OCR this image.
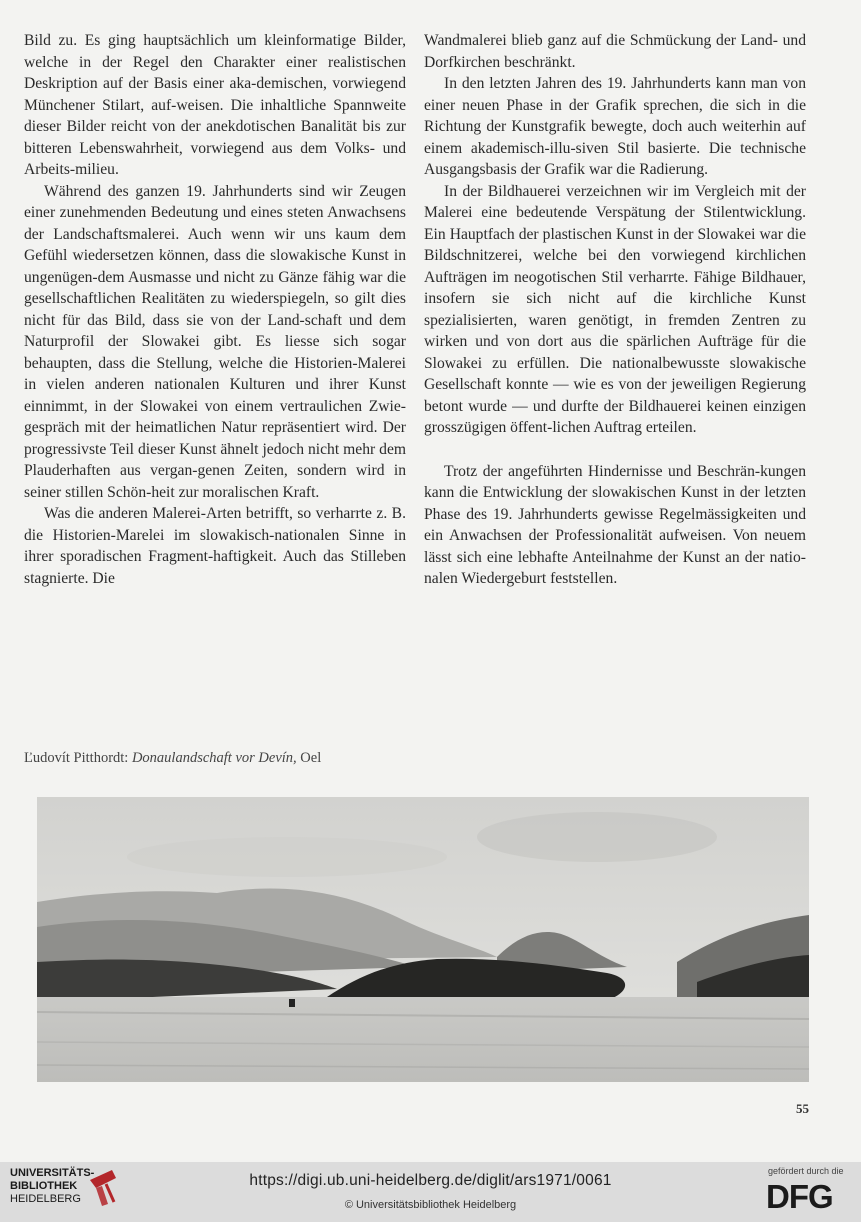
Bild zu. Es ging hauptsächlich um kleinformatige Bilder, welche in der Regel den Charakter einer realistischen Deskription auf der Basis einer aka-demischen, vorwiegend Münchener Stilart, auf-weisen. Die inhaltliche Spannweite dieser Bilder reicht von der anekdotischen Banalität bis zur bitteren Lebenswahrheit, vorwiegend aus dem Volks- und Arbeits-milieu.

Während des ganzen 19. Jahrhunderts sind wir Zeugen einer zunehmenden Bedeutung und eines steten Anwachsens der Landschaftsmalerei. Auch wenn wir uns kaum dem Gefühl wiedersetzen können, dass die slowakische Kunst in ungenügen-dem Ausmasse und nicht zu Gänze fähig war die gesellschaftlichen Realitäten zu wiederspiegeln, so gilt dies nicht für das Bild, dass sie von der Land-schaft und dem Naturprofil der Slowakei gibt. Es liesse sich sogar behaupten, dass die Stellung, welche die Historien-Malerei in vielen anderen nationalen Kulturen und ihrer Kunst einnimmt, in der Slowakei von einem vertraulichen Zwie-gespräch mit der heimatlichen Natur repräsentiert wird. Der progressivste Teil dieser Kunst ähnelt jedoch nicht mehr dem Plauderhaften aus vergan-genen Zeiten, sondern wird in seiner stillen Schön-heit zur moralischen Kraft.

Was die anderen Malerei-Arten betrifft, so verharrte z. B. die Historien-Marelei im slowakisch-nationalen Sinne in ihrer sporadischen Fragment-haftigkeit. Auch das Stilleben stagnierte. Die

Wandmalerei blieb ganz auf die Schmückung der Land- und Dorfkirchen beschränkt.

In den letzten Jahren des 19. Jahrhunderts kann man von einer neuen Phase in der Grafik sprechen, die sich in die Richtung der Kunstgrafik bewegte, doch auch weiterhin auf einem akademisch-illu-siven Stil basierte. Die technische Ausgangsbasis der Grafik war die Radierung.

In der Bildhauerei verzeichnen wir im Vergleich mit der Malerei eine bedeutende Verspätung der Stilentwicklung. Ein Hauptfach der plastischen Kunst in der Slowakei war die Bildschnitzerei, welche bei den vorwiegend kirchlichen Aufträgen im neogotischen Stil verharrte. Fähige Bildhauer, insofern sie sich nicht auf die kirchliche Kunst spezialisierten, waren genötigt, in fremden Zentren zu wirken und von dort aus die spärlichen Aufträge für die Slowakei zu erfüllen. Die nationalbewusste slowakische Gesellschaft konnte — wie es von der jeweiligen Regierung betont wurde — und durfte der Bildhauerei keinen einzigen grosszügigen öffent-lichen Auftrag erteilen.

Trotz der angeführten Hindernisse und Beschrän-kungen kann die Entwicklung der slowakischen Kunst in der letzten Phase des 19. Jahrhunderts gewisse Regelmässigkeiten und ein Anwachsen der Professionalität aufweisen. Von neuem lässt sich eine lebhafte Anteilnahme der Kunst an der natio-nalen Wiedergeburt feststellen.

Ľudovít Pitthordt: Donaulandschaft vor Devín, Oel
55
UNIVERSITÄTS-
BIBLIOTHEK
HEIDELBERG
https://digi.ub.uni-heidelberg.de/diglit/ars1971/0061
© Universitätsbibliothek Heidelberg
gefördert durch die
DFG
